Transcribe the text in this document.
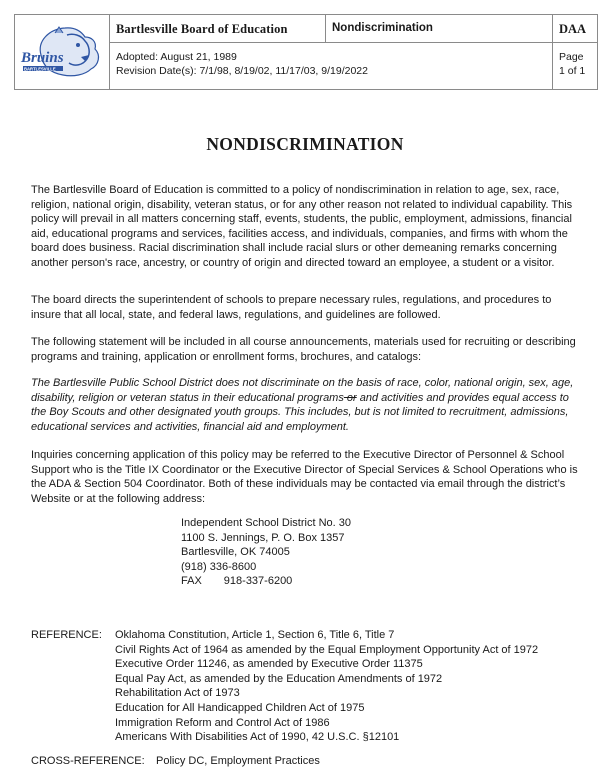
Bruins
BARTLESVILLE
Bartlesville Board of Education	Nondiscrimination	DAA
Adopted: August 21, 1989
Revision Date(s): 7/1/98, 8/19/02, 11/17/03, 9/19/2022
Page
1 of 1
NONDISCRIMINATION

The Bartlesville Board of Education is committed to a policy of nondiscrimination in relation to age, sex, race, religion, national origin, disability, veteran status, or for any other reason not related to individual capability. This policy will prevail in all matters concerning staff, events, students, the public, employment, admissions, financial aid, educational programs and services, facilities access, and individuals, companies, and firms with whom the board does business. Racial discrimination shall include racial slurs or other demeaning remarks concerning another person's race, ancestry, or country of origin and directed toward an employee, a student or a visitor.

The board directs the superintendent of schools to prepare necessary rules, regulations, and procedures to insure that all local, state, and federal laws, regulations, and guidelines are followed.

The following statement will be included in all course announcements, materials used for recruiting or describing programs and training, application or enrollment forms, brochures, and catalogs:

The Bartlesville Public School District does not discriminate on the basis of race, color, national origin, sex, age, disability, religion or veteran status in their educational programs or and activities and provides equal access to the Boy Scouts and other designated youth groups. This includes, but is not limited to recruitment, admissions, educational services and activities, financial aid and employment.

Inquiries concerning application of this policy may be referred to the Executive Director of Personnel & School Support who is the Title IX Coordinator or the Executive Director of Special Services & School Operations who is the ADA & Section 504 Coordinator. Both of these individuals may be contacted via email through the district’s Website or at the following address:

Independent School District No. 30
1100 S. Jennings, P. O. Box 1357
Bartlesville, OK 74005
(918) 336-8600
FAX 918-337-6200
REFERENCE: Oklahoma Constitution, Article 1, Section 6, Title 6, Title 7
Civil Rights Act of 1964 as amended by the Equal Employment Opportunity Act of 1972
Executive Order 11246, as amended by Executive Order 11375
Equal Pay Act, as amended by the Education Amendments of 1972
Rehabilitation Act of 1973
Education for All Handicapped Children Act of 1975
Immigration Reform and Control Act of 1986
Americans With Disabilities Act of 1990, 42 U.S.C. §12101
CROSS-REFERENCE: Policy DC, Employment Practices
